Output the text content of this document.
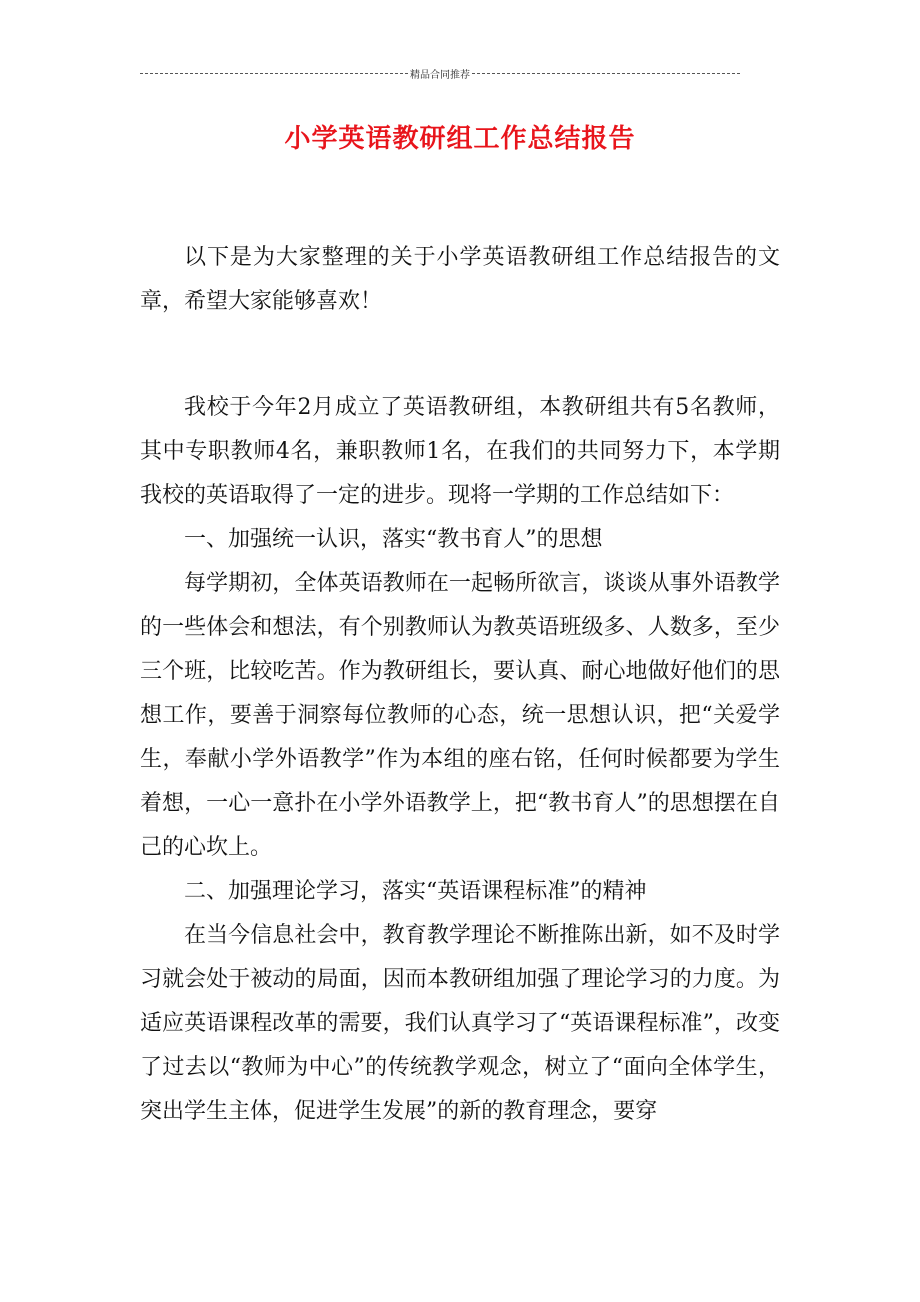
精品合同推荐
小学英语教研组工作总结报告

以下是为大家整理的关于小学英语教研组工作总结报告的文章，希望大家能够喜欢！

我校于今年2月成立了英语教研组，本教研组共有5名教师，其中专职教师4名，兼职教师1名，在我们的共同努力下，本学期我校的英语取得了一定的进步。现将一学期的工作总结如下：

一、加强统一认识，落实“教书育人”的思想

每学期初，全体英语教师在一起畅所欲言，谈谈从事外语教学的一些体会和想法，有个别教师认为教英语班级多、人数多，至少三个班，比较吃苦。作为教研组长，要认真、耐心地做好他们的思想工作，要善于洞察每位教师的心态，统一思想认识，把“关爱学生，奉献小学外语教学”作为本组的座右铭，任何时候都要为学生着想，一心一意扑在小学外语教学上，把“教书育人”的思想摆在自己的心坎上。

二、加强理论学习，落实“英语课程标准”的精神

在当今信息社会中，教育教学理论不断推陈出新，如不及时学习就会处于被动的局面，因而本教研组加强了理论学习的力度。为适应英语课程改革的需要，我们认真学习了“英语课程标准”，改变了过去以“教师为中心”的传统教学观念，树立了“面向全体学生，突出学生主体，促进学生发展”的新的教育理念，要穿
